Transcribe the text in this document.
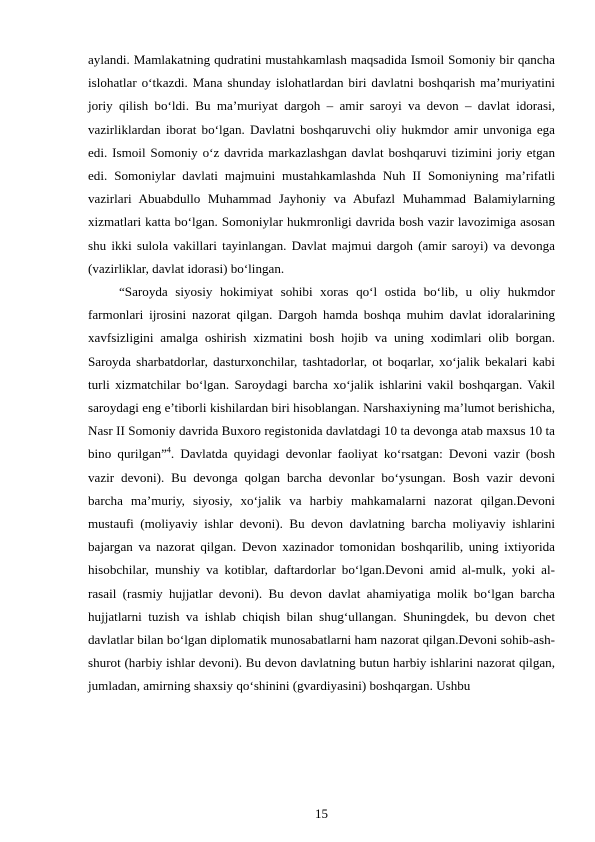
aylandi. Mamlakatning qudratini mustahkamlash maqsadida Ismoil Somoniy bir qancha islohatlar o‘tkazdi. Mana shunday islohatlardan biri davlatni boshqarish ma’muriyatini joriy qilish bo‘ldi. Bu ma’muriyat dargoh – amir saroyi va devon – davlat idorasi, vazirliklardan iborat bo‘lgan. Davlatni boshqaruvchi oliy hukmdor amir unvoniga ega edi. Ismoil Somoniy o‘z davrida markazlashgan davlat boshqaruvi tizimini joriy etgan edi. Somoniylar davlati majmuini mustahkamlashda Nuh II Somoniyning ma’rifatli vazirlari Abuabdullo Muhammad Jayhoniy va Abufazl Muhammad Balamiylarning xizmatlari katta bo‘lgan. Somoniylar hukmronligi davrida bosh vazir lavozimiga asosan shu ikki sulola vakillari tayinlangan. Davlat majmui dargoh (amir saroyi) va devonga (vazirliklar, davlat idorasi) bo‘lingan.

“Saroyda siyosiy hokimiyat sohibi xoras qo‘l ostida bo‘lib, u oliy hukmdor farmonlari ijrosini nazorat qilgan. Dargoh hamda boshqa muhim davlat idoralarining xavfsizligini amalga oshirish xizmatini bosh hojib va uning xodimlari olib borgan. Saroyda sharbatdorlar, dasturxonchilar, tashtadorlar, ot boqarlar, xo‘jalik bekalari kabi turli xizmatchilar bo‘lgan. Saroydagi barcha xo‘jalik ishlarini vakil boshqargan. Vakil saroydagi eng e’tiborli kishilardan biri hisoblangan. Narshaxiyning ma’lumot berishicha, Nasr II Somoniy davrida Buxoro registonida davlatdagi 10 ta devonga atab maxsus 10 ta bino qurilgan”$^4$. Davlatda quyidagi devonlar faoliyat ko‘rsatgan: Devoni vazir (bosh vazir devoni). Bu devonga qolgan barcha devonlar bo‘ysungan. Bosh vazir devoni barcha ma’muriy, siyosiy, xo‘jalik va harbiy mahkamalarni nazorat qilgan.Devoni mustaufi (moliyaviy ishlar devoni). Bu devon davlatning barcha moliyaviy ishlarini bajargan va nazorat qilgan. Devon xazinador tomonidan boshqarilib, uning ixtiyorida hisobchilar, munshiy va kotiblar, daftardorlar bo‘lgan.Devoni amid al-mulk, yoki al-rasail (rasmiy hujjatlar devoni). Bu devon davlat ahamiyatiga molik bo‘lgan barcha hujjatlarni tuzish va ishlab chiqish bilan shug‘ullangan. Shuningdek, bu devon chet davlatlar bilan bo‘lgan diplomatik munosabatlarni ham nazorat qilgan.Devoni sohib-ash-shurot (harbiy ishlar devoni). Bu devon davlatning butun harbiy ishlarini nazorat qilgan, jumladan, amirning shaxsiy qo‘shinini (gvardiyasini) boshqargan. Ushbu

15
